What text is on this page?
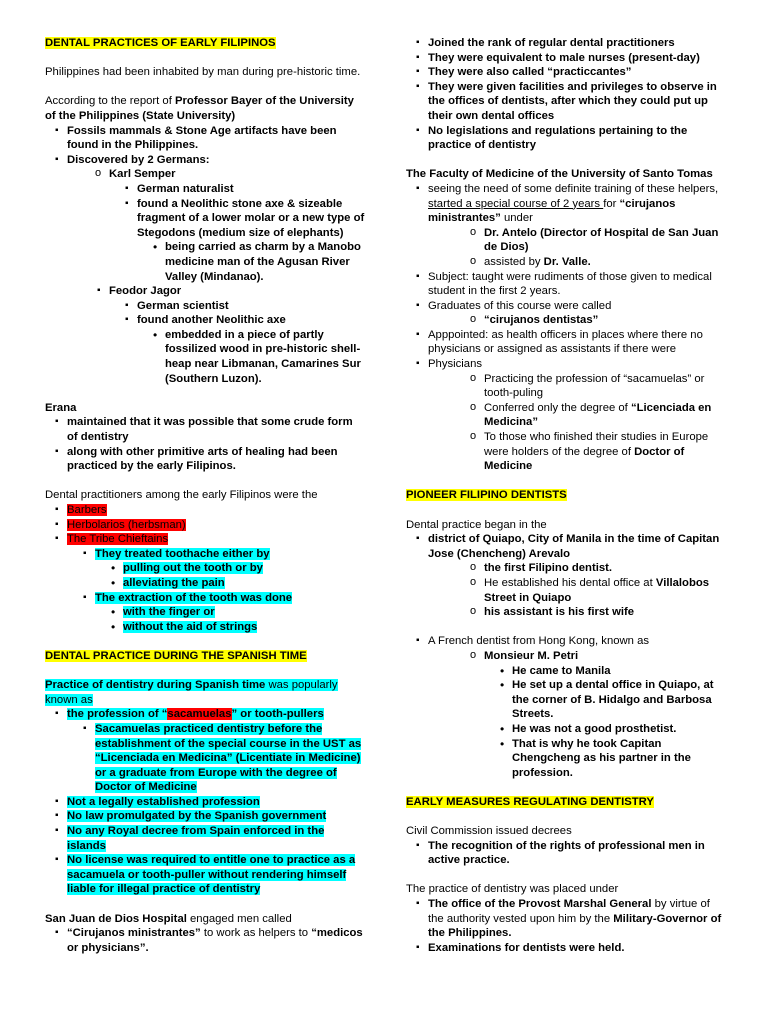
DENTAL PRACTICES OF EARLY FILIPINOS

Philippines had been inhabited by man during pre-historic time.

According to the report of Professor Bayer of the University of the Philippines (State University)

▪ Fossils mammals & Stone Age artifacts have been found in the Philippines.
▪ Discovered by 2 Germans:
o Karl Semper
▪ German naturalist
▪ found a Neolithic stone axe & sizeable fragment of a lower molar or a new type of Stegodons (medium size of elephants)
• being carried as charm by a Manobo medicine man of the Agusan River Valley (Mindanao).
▪ Feodor Jagor
▪ German scientist
▪ found another Neolithic axe
• embedded in a piece of partly fossilized wood in pre-historic shell-heap near Libmanan, Camarines Sur (Southern Luzon).

Erana

▪ maintained that it was possible that some crude form of dentistry
▪ along with other primitive arts of healing had been practiced by the early Filipinos.

Dental practitioners among the early Filipinos were the

▪ Barbers
▪ Herbolarios (herbsman)
▪ The Tribe Chieftains
▪ They treated toothache either by
• pulling out the tooth or by
• alleviating the pain
▪ The extraction of the tooth was done
• with the finger or
• without the aid of strings

DENTAL PRACTICE DURING THE SPANISH TIME

Practice of dentistry during Spanish time was popularly known as

▪ the profession of “sacamuelas” or tooth-pullers
▪ Sacamuelas practiced dentistry before the establishment of the special course in the UST as “Licenciada en Medicina” (Licentiate in Medicine) or a graduate from Europe with the degree of Doctor of Medicine
▪ Not a legally established profession
▪ No law promulgated by the Spanish government
▪ No any Royal decree from Spain enforced in the islands
▪ No license was required to entitle one to practice as a sacamuela or tooth-puller without rendering himself liable for illegal practice of dentistry

San Juan de Dios Hospital engaged men called

▪ “Cirujanos ministrantes” to work as helpers to “medicos or physicians”.
▪ Joined the rank of regular dental practitioners
▪ They were equivalent to male nurses (present-day)
▪ They were also called “practiccantes”
▪ They were given facilities and privileges to observe in the offices of dentists, after which they could put up their own dental offices
▪ No legislations and regulations pertaining to the practice of dentistry

The Faculty of Medicine of the University of Santo Tomas

▪ seeing the need of some definite training of these helpers, started a special course of 2 years for “cirujanos ministrantes” under
o Dr. Antelo (Director of Hospital de San Juan de Dios)
o assisted by Dr. Valle.
▪ Subject: taught were rudiments of those given to medical student in the first 2 years.
▪ Graduates of this course were called
o “cirujanos dentistas”
▪ Apppointed: as health officers in places where there no physicians or assigned as assistants if there were
▪ Physicians
o Practicing the profession of “sacamuelas” or tooth-puling
o Conferred only the degree of “Licenciada en Medicina”
o To those who finished their studies in Europe were holders of the degree of Doctor of Medicine

PIONEER FILIPINO DENTISTS

Dental practice began in the

▪ district of Quiapo, City of Manila in the time of Capitan Jose (Chencheng) Arevalo
o the first Filipino dentist.
o He established his dental office at Villalobos Street in Quiapo
o his assistant is his first wife
▪ A French dentist from Hong Kong, known as
o Monsieur M. Petri
• He came to Manila
• He set up a dental office in Quiapo, at the corner of B. Hidalgo and Barbosa Streets.
• He was not a good prosthetist.
• That is why he took Capitan Chengcheng as his partner in the profession.

EARLY MEASURES REGULATING DENTISTRY

Civil Commission issued decrees

▪ The recognition of the rights of professional men in active practice.

The practice of dentistry was placed under

▪ The office of the Provost Marshal General by virtue of the authority vested upon him by the Military-Governor of the Philippines.
▪ Examinations for dentists were held.
